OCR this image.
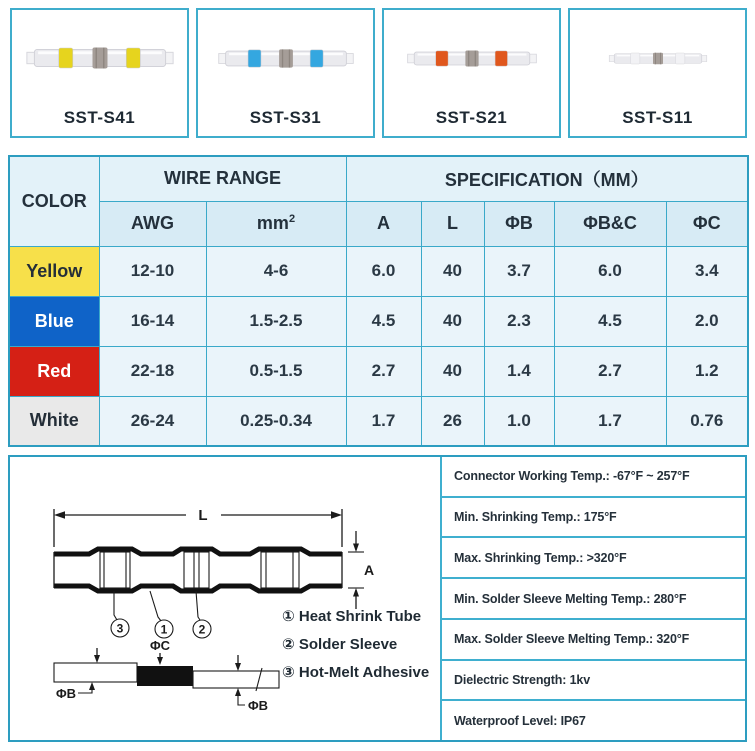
SST-S41	SST-S31	SST-S21	SST-S11
COLOR	WIRE RANGE		SPECIFICATION（MM）				
	AWG	$mm^2$	A	L	ΦB	ΦB&C	ΦC
Yellow	12-10	4-6	6.0	40	3.7	6.0	3.4
Blue	16-14	1.5-2.5	4.5	40	2.3	4.5	2.0
Red	22-18	0.5-1.5	2.7	40	1.4	2.7	1.2
White	26-24	0.25-0.34	1.7	26	1.0	1.7	0.76
L
A
3	1	2
ΦC
ΦB
ΦB
① Heat Shrink Tube
② Solder Sleeve
③ Hot-Melt Adhesive
Connector Working Temp.: -67°F ~ 257°F
Min. Shrinking Temp.: 175°F
Max. Shrinking Temp.: >320°F
Min. Solder Sleeve Melting Temp.: 280°F
Max. Solder Sleeve Melting Temp.: 320°F
Dielectric Strength: 1kv
Waterproof Level: IP67
